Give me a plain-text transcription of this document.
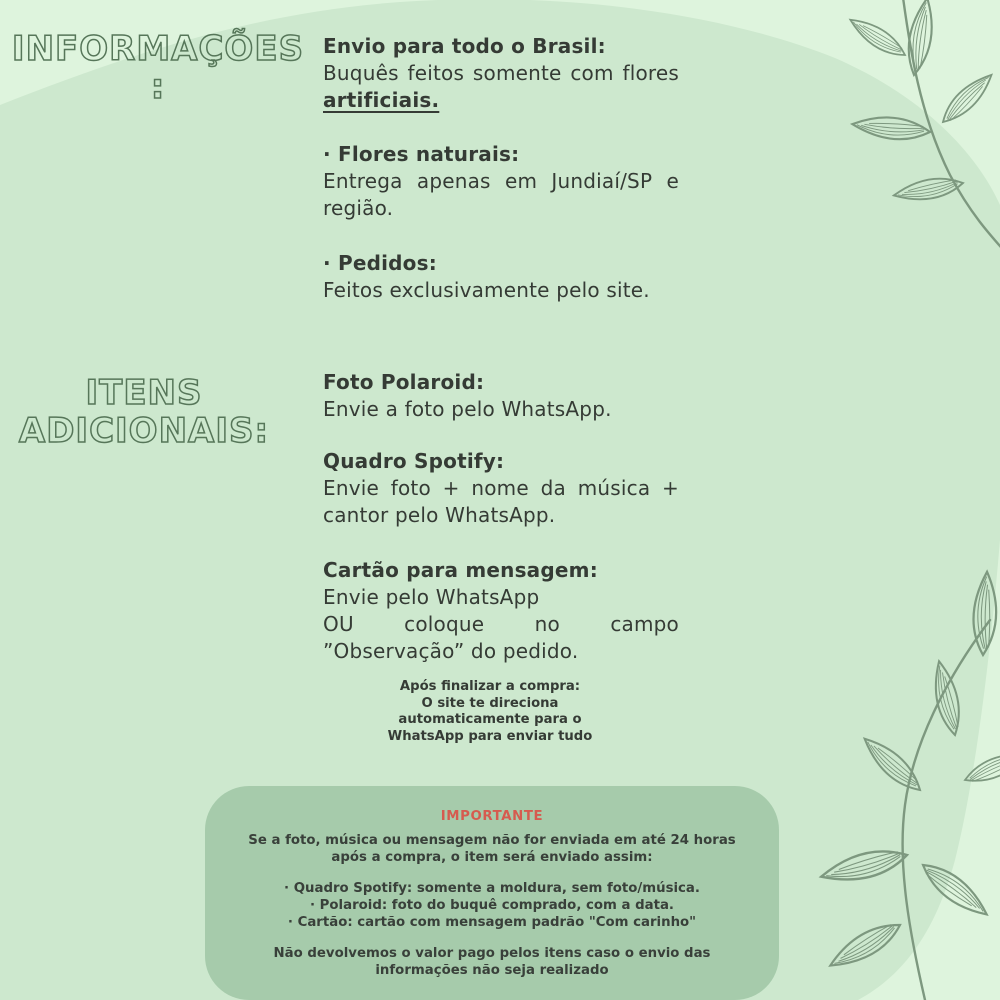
INFORMAÇÕES :
ITENS
ADICIONAIS:
Envio para todo o Brasil:
Buquês feitos somente com flores
artificiais.
· Flores naturais:
Entrega apenas em Jundiaí/SP e
região.
· Pedidos:
Feitos exclusivamente pelo site.
Foto Polaroid:
Envie a foto pelo WhatsApp.
Quadro Spotify:
Envie foto + nome da música +
cantor pelo WhatsApp.
Cartão para mensagem:
Envie pelo WhatsApp
OU coloque no campo
”Observação” do pedido.
Após finalizar a compra:
O site te direciona
automaticamente para o
WhatsApp para enviar tudo
IMPORTANTE
Se a foto, música ou mensagem não for enviada em até 24 horas após a compra, o item será enviado assim:
· Quadro Spotify: somente a moldura, sem foto/música.
· Polaroid: foto do buquê comprado, com a data.
· Cartão: cartão com mensagem padrão "Com carinho"
Não devolvemos o valor pago pelos itens caso o envio das informações não seja realizado
